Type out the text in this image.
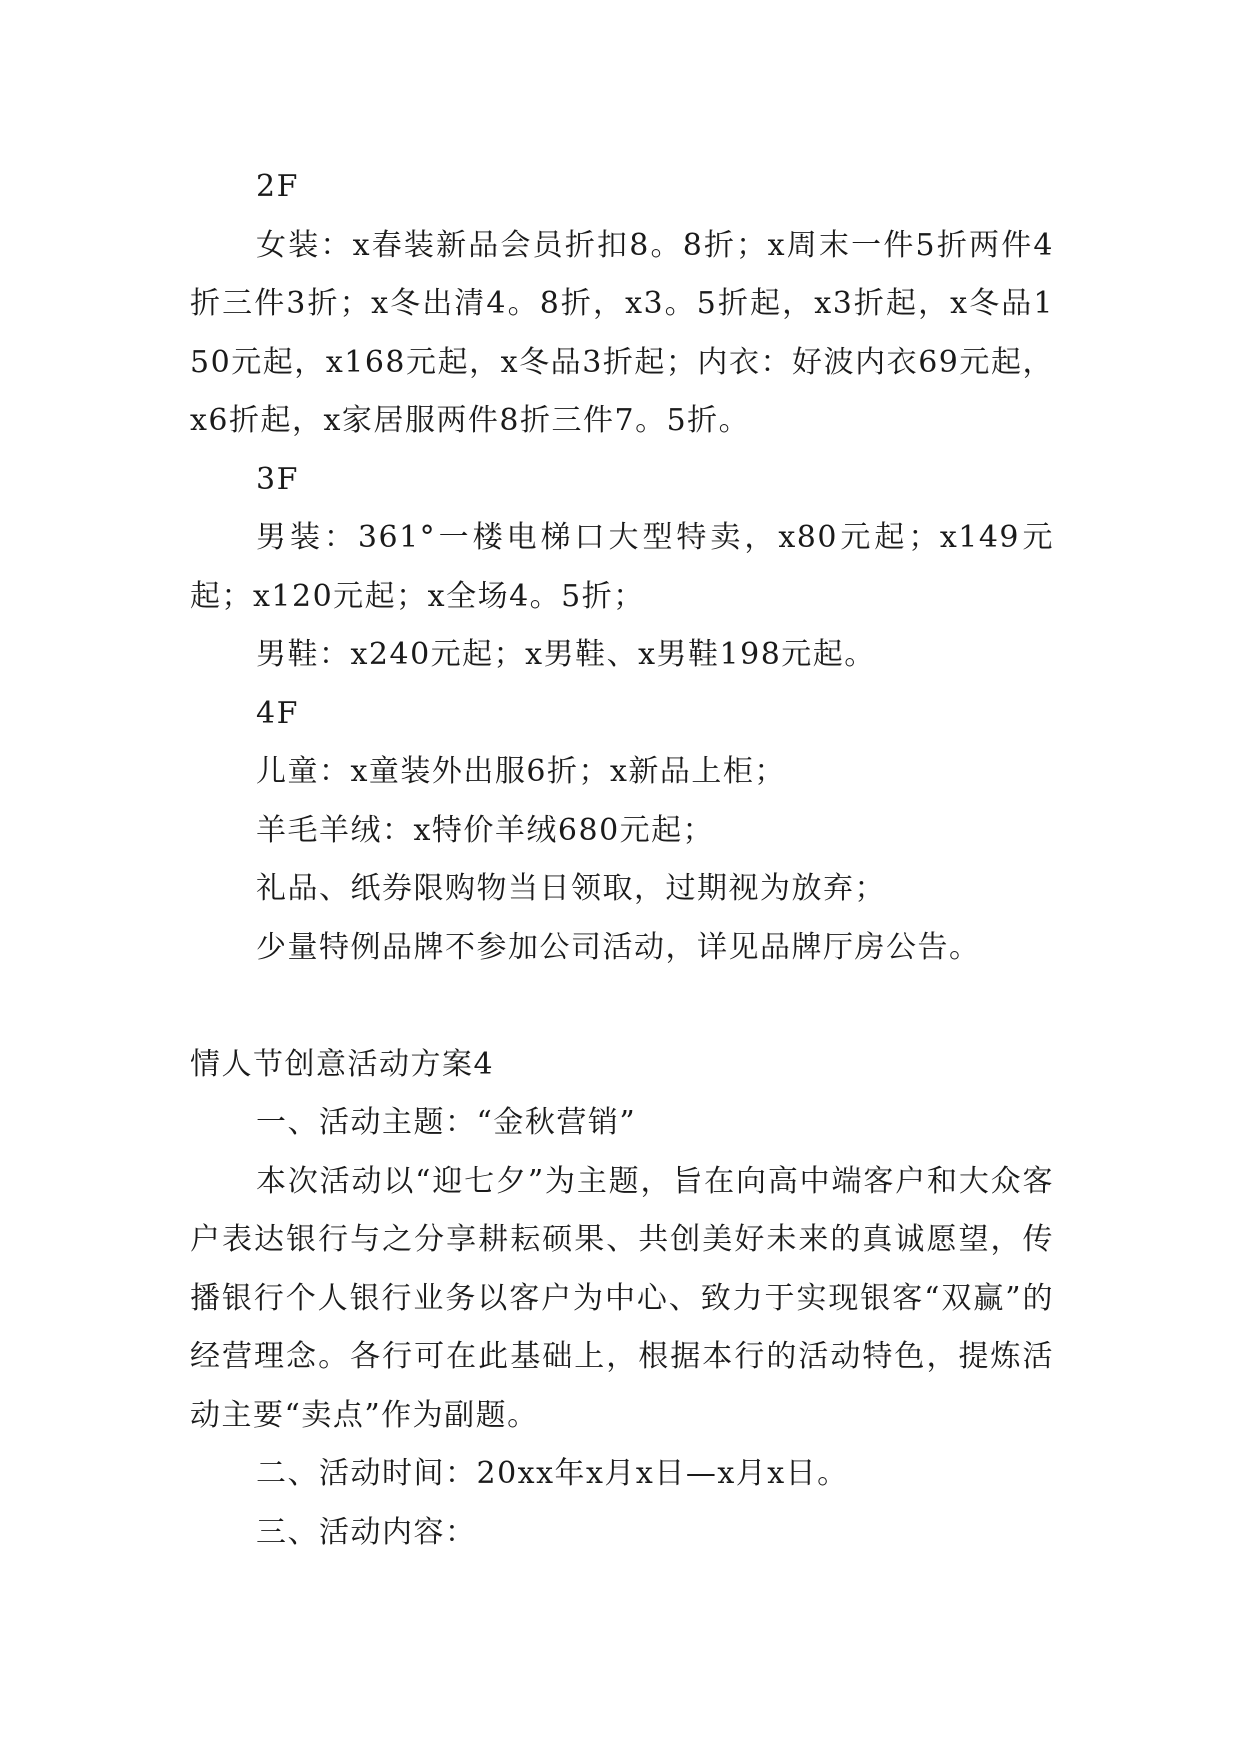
2F

女装：x春装新品会员折扣8。8折；x周末一件5折两件4折三件3折；x冬出清4。8折，x3。5折起，x3折起，x冬品150元起，x168元起，x冬品3折起；内衣：好波内衣69元起，x6折起，x家居服两件8折三件7。5折。

3F

男装：361°一楼电梯口大型特卖，x80元起；x149元起；x120元起；x全场4。5折；

男鞋：x240元起；x男鞋、x男鞋198元起。

4F

儿童：x童装外出服6折；x新品上柜；

羊毛羊绒：x特价羊绒680元起；

礼品、纸券限购物当日领取，过期视为放弃；

少量特例品牌不参加公司活动，详见品牌厅房公告。

情人节创意活动方案4

一、活动主题：“金秋营销”

本次活动以“迎七夕”为主题，旨在向高中端客户和大众客户表达银行与之分享耕耘硕果、共创美好未来的真诚愿望，传播银行个人银行业务以客户为中心、致力于实现银客“双赢”的经营理念。各行可在此基础上，根据本行的活动特色，提炼活动主要“卖点”作为副题。

二、活动时间：20xx年x月x日—x月x日。

三、活动内容：
